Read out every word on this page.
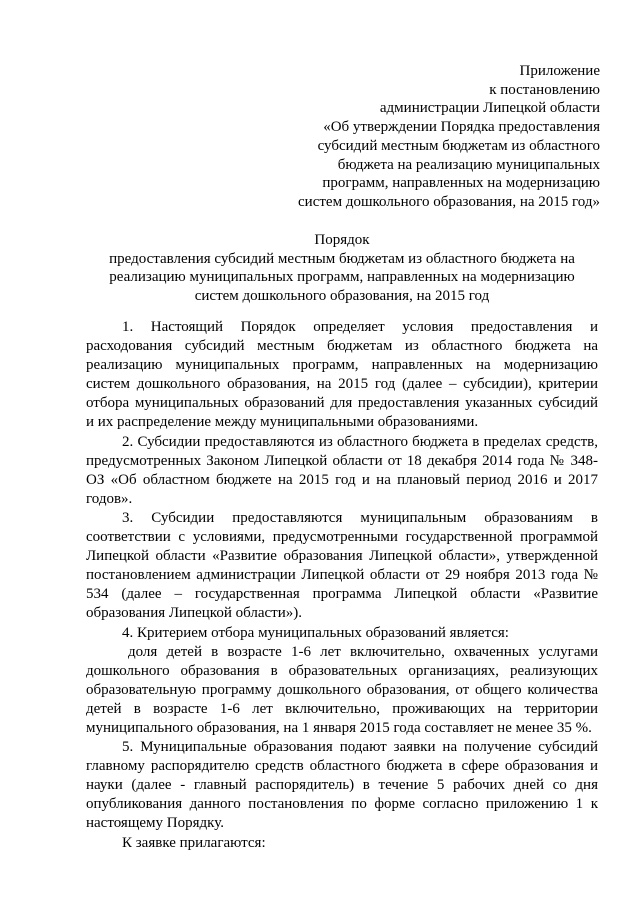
Приложение
к постановлению
администрации Липецкой области
«Об утверждении Порядка предоставления
субсидий местным бюджетам из областного
бюджета на реализацию муниципальных
программ, направленных на модернизацию
систем дошкольного образования, на 2015 год»
Порядок
предоставления субсидий местным бюджетам из областного бюджета на реализацию муниципальных программ, направленных на модернизацию систем дошкольного образования, на 2015 год

1. Настоящий Порядок определяет условия предоставления и расходования субсидий местным бюджетам из областного бюджета на реализацию муниципальных программ, направленных на модернизацию систем дошкольного образования, на 2015 год (далее – субсидии), критерии отбора муниципальных образований для предоставления указанных субсидий и их распределение между муниципальными образованиями.

2. Субсидии предоставляются из областного бюджета в пределах средств, предусмотренных Законом Липецкой области от 18 декабря 2014 года № 348-ОЗ «Об областном бюджете на 2015 год и на плановый период 2016 и 2017 годов».

3. Субсидии предоставляются муниципальным образованиям в соответствии с условиями, предусмотренными государственной программой Липецкой области «Развитие образования Липецкой области», утвержденной постановлением администрации Липецкой области от 29 ноября 2013 года № 534 (далее – государственная программа Липецкой области «Развитие образования Липецкой области»).

4. Критерием отбора муниципальных образований является:

доля детей в возрасте 1-6 лет включительно, охваченных услугами дошкольного образования в образовательных организациях, реализующих образовательную программу дошкольного образования, от общего количества детей в возрасте 1-6 лет включительно, проживающих на территории муниципального образования, на 1 января 2015 года составляет не менее 35 %.

5. Муниципальные образования подают заявки на получение субсидий главному распорядителю средств областного бюджета в сфере образования и науки (далее - главный распорядитель) в течение 5 рабочих дней со дня опубликования данного постановления по форме согласно приложению 1 к настоящему Порядку.

К заявке прилагаются:
